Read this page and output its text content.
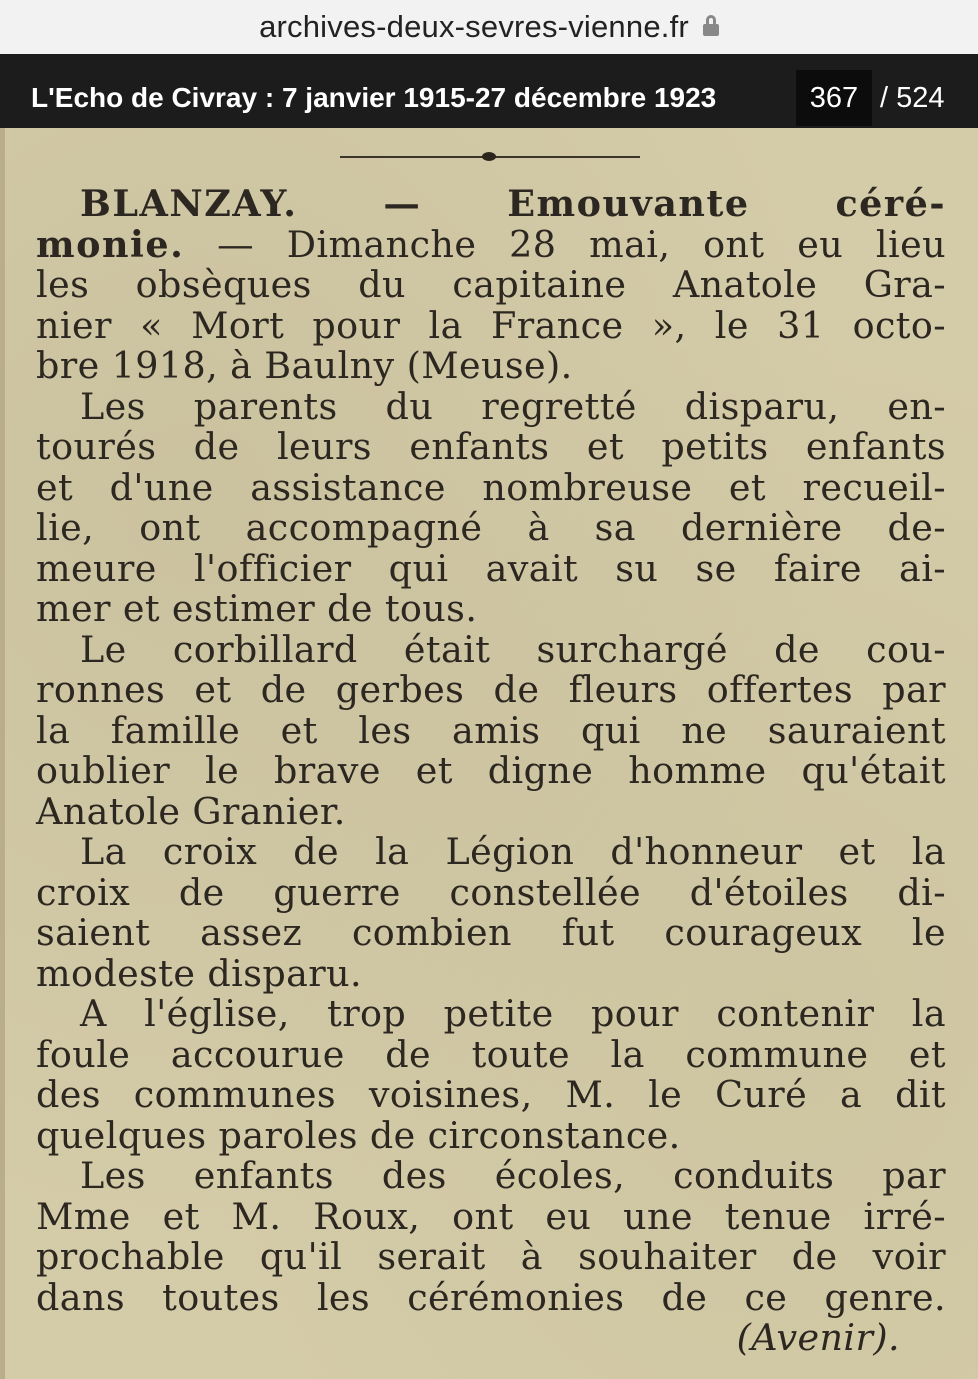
archives-deux-sevres-vienne.fr
L'Echo de Civray : 7 janvier 1915-27 décembre 1923	367 / 524
BLANZAY. — Emouvante céré-
monie. — Dimanche 28 mai, ont eu lieu
les obsèques du capitaine Anatole Gra-
nier « Mort pour la France », le 31 octo-
bre 1918, à Baulny (Meuse).
Les parents du regretté disparu, en-
tourés de leurs enfants et petits enfants
et d'une assistance nombreuse et recueil-
lie, ont accompagné à sa dernière de-
meure l'officier qui avait su se faire ai-
mer et estimer de tous.
Le corbillard était surchargé de cou-
ronnes et de gerbes de fleurs offertes par
la famille et les amis qui ne sauraient
oublier le brave et digne homme qu'était
Anatole Granier.
La croix de la Légion d'honneur et la
croix de guerre constellée d'étoiles di-
saient assez combien fut courageux le
modeste disparu.
A l'église, trop petite pour contenir la
foule accourue de toute la commune et
des communes voisines, M. le Curé a dit
quelques paroles de circonstance.
Les enfants des écoles, conduits par
Mme et M. Roux, ont eu une tenue irré-
prochable qu'il serait à souhaiter de voir
dans toutes les cérémonies de ce genre.
(Avenir).
